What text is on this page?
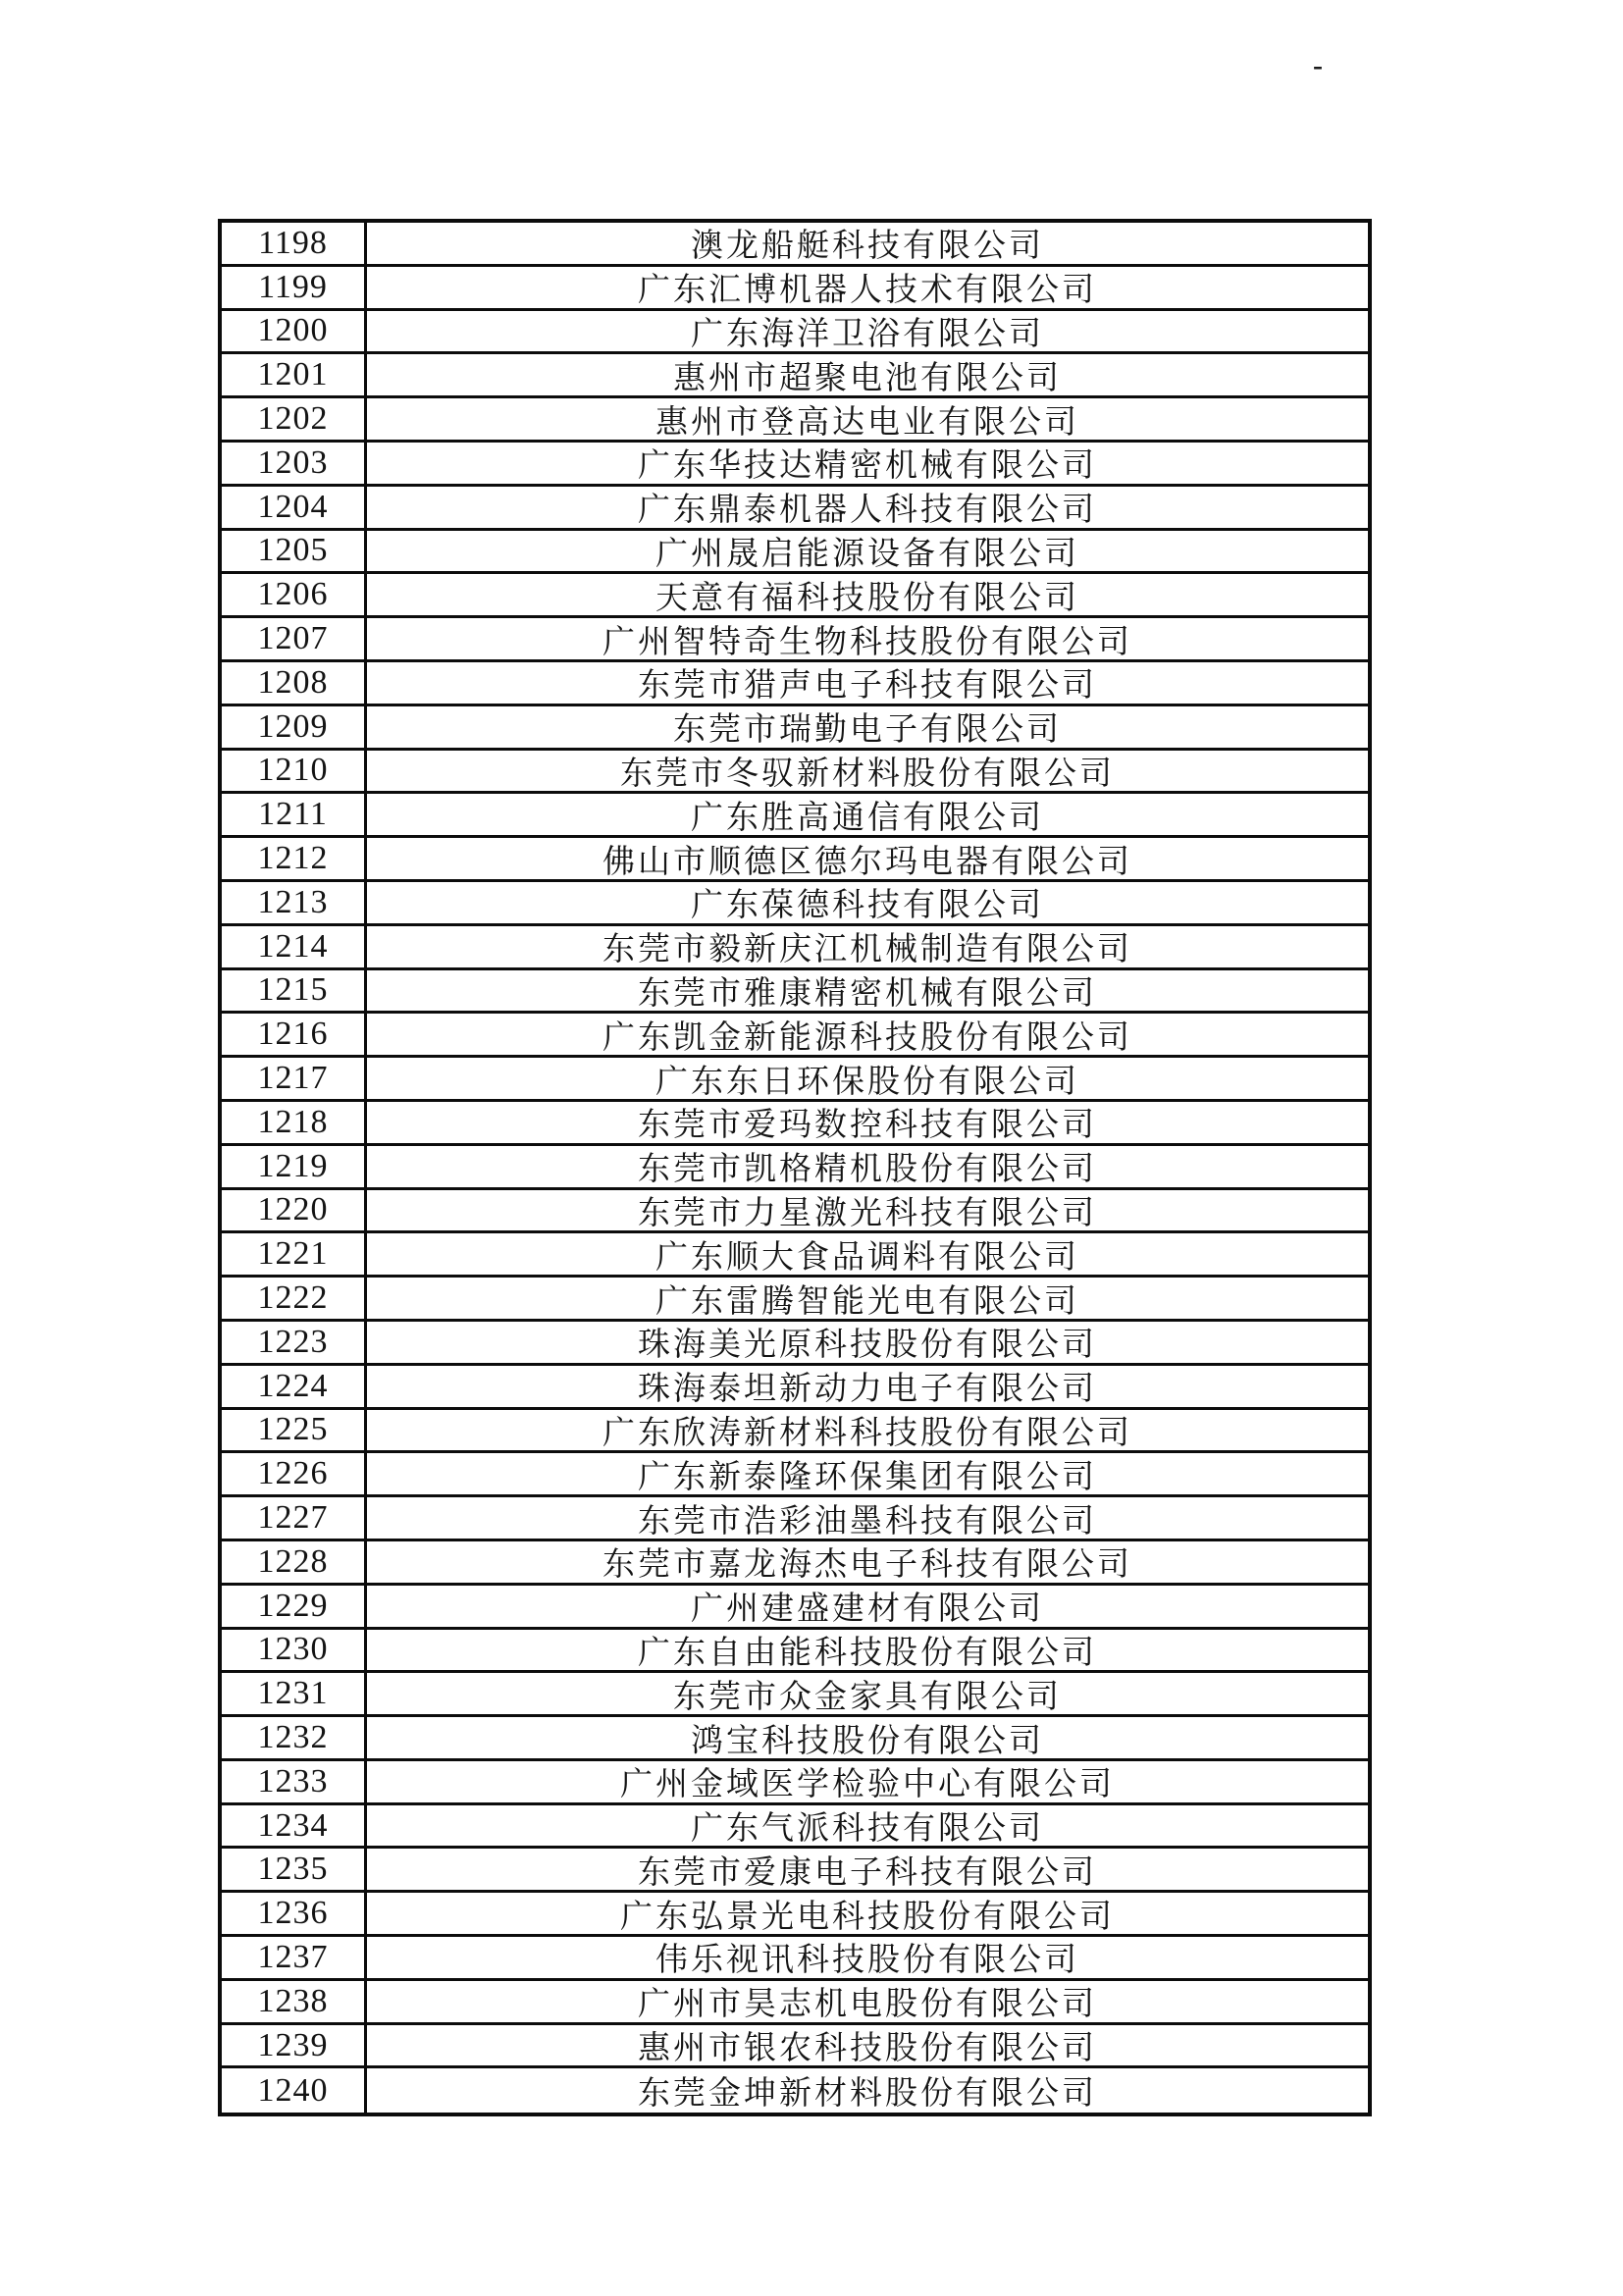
-
1198	澳龙船艇科技有限公司
1199	广东汇博机器人技术有限公司
1200	广东海洋卫浴有限公司
1201	惠州市超聚电池有限公司
1202	惠州市登高达电业有限公司
1203	广东华技达精密机械有限公司
1204	广东鼎泰机器人科技有限公司
1205	广州晟启能源设备有限公司
1206	天意有福科技股份有限公司
1207	广州智特奇生物科技股份有限公司
1208	东莞市猎声电子科技有限公司
1209	东莞市瑞勤电子有限公司
1210	东莞市冬驭新材料股份有限公司
1211	广东胜高通信有限公司
1212	佛山市顺德区德尔玛电器有限公司
1213	广东葆德科技有限公司
1214	东莞市毅新庆江机械制造有限公司
1215	东莞市雅康精密机械有限公司
1216	广东凯金新能源科技股份有限公司
1217	广东东日环保股份有限公司
1218	东莞市爱玛数控科技有限公司
1219	东莞市凯格精机股份有限公司
1220	东莞市力星激光科技有限公司
1221	广东顺大食品调料有限公司
1222	广东雷腾智能光电有限公司
1223	珠海美光原科技股份有限公司
1224	珠海泰坦新动力电子有限公司
1225	广东欣涛新材料科技股份有限公司
1226	广东新泰隆环保集团有限公司
1227	东莞市浩彩油墨科技有限公司
1228	东莞市嘉龙海杰电子科技有限公司
1229	广州建盛建材有限公司
1230	广东自由能科技股份有限公司
1231	东莞市众金家具有限公司
1232	鸿宝科技股份有限公司
1233	广州金域医学检验中心有限公司
1234	广东气派科技有限公司
1235	东莞市爱康电子科技有限公司
1236	广东弘景光电科技股份有限公司
1237	伟乐视讯科技股份有限公司
1238	广州市昊志机电股份有限公司
1239	惠州市银农科技股份有限公司
1240	东莞金坤新材料股份有限公司
